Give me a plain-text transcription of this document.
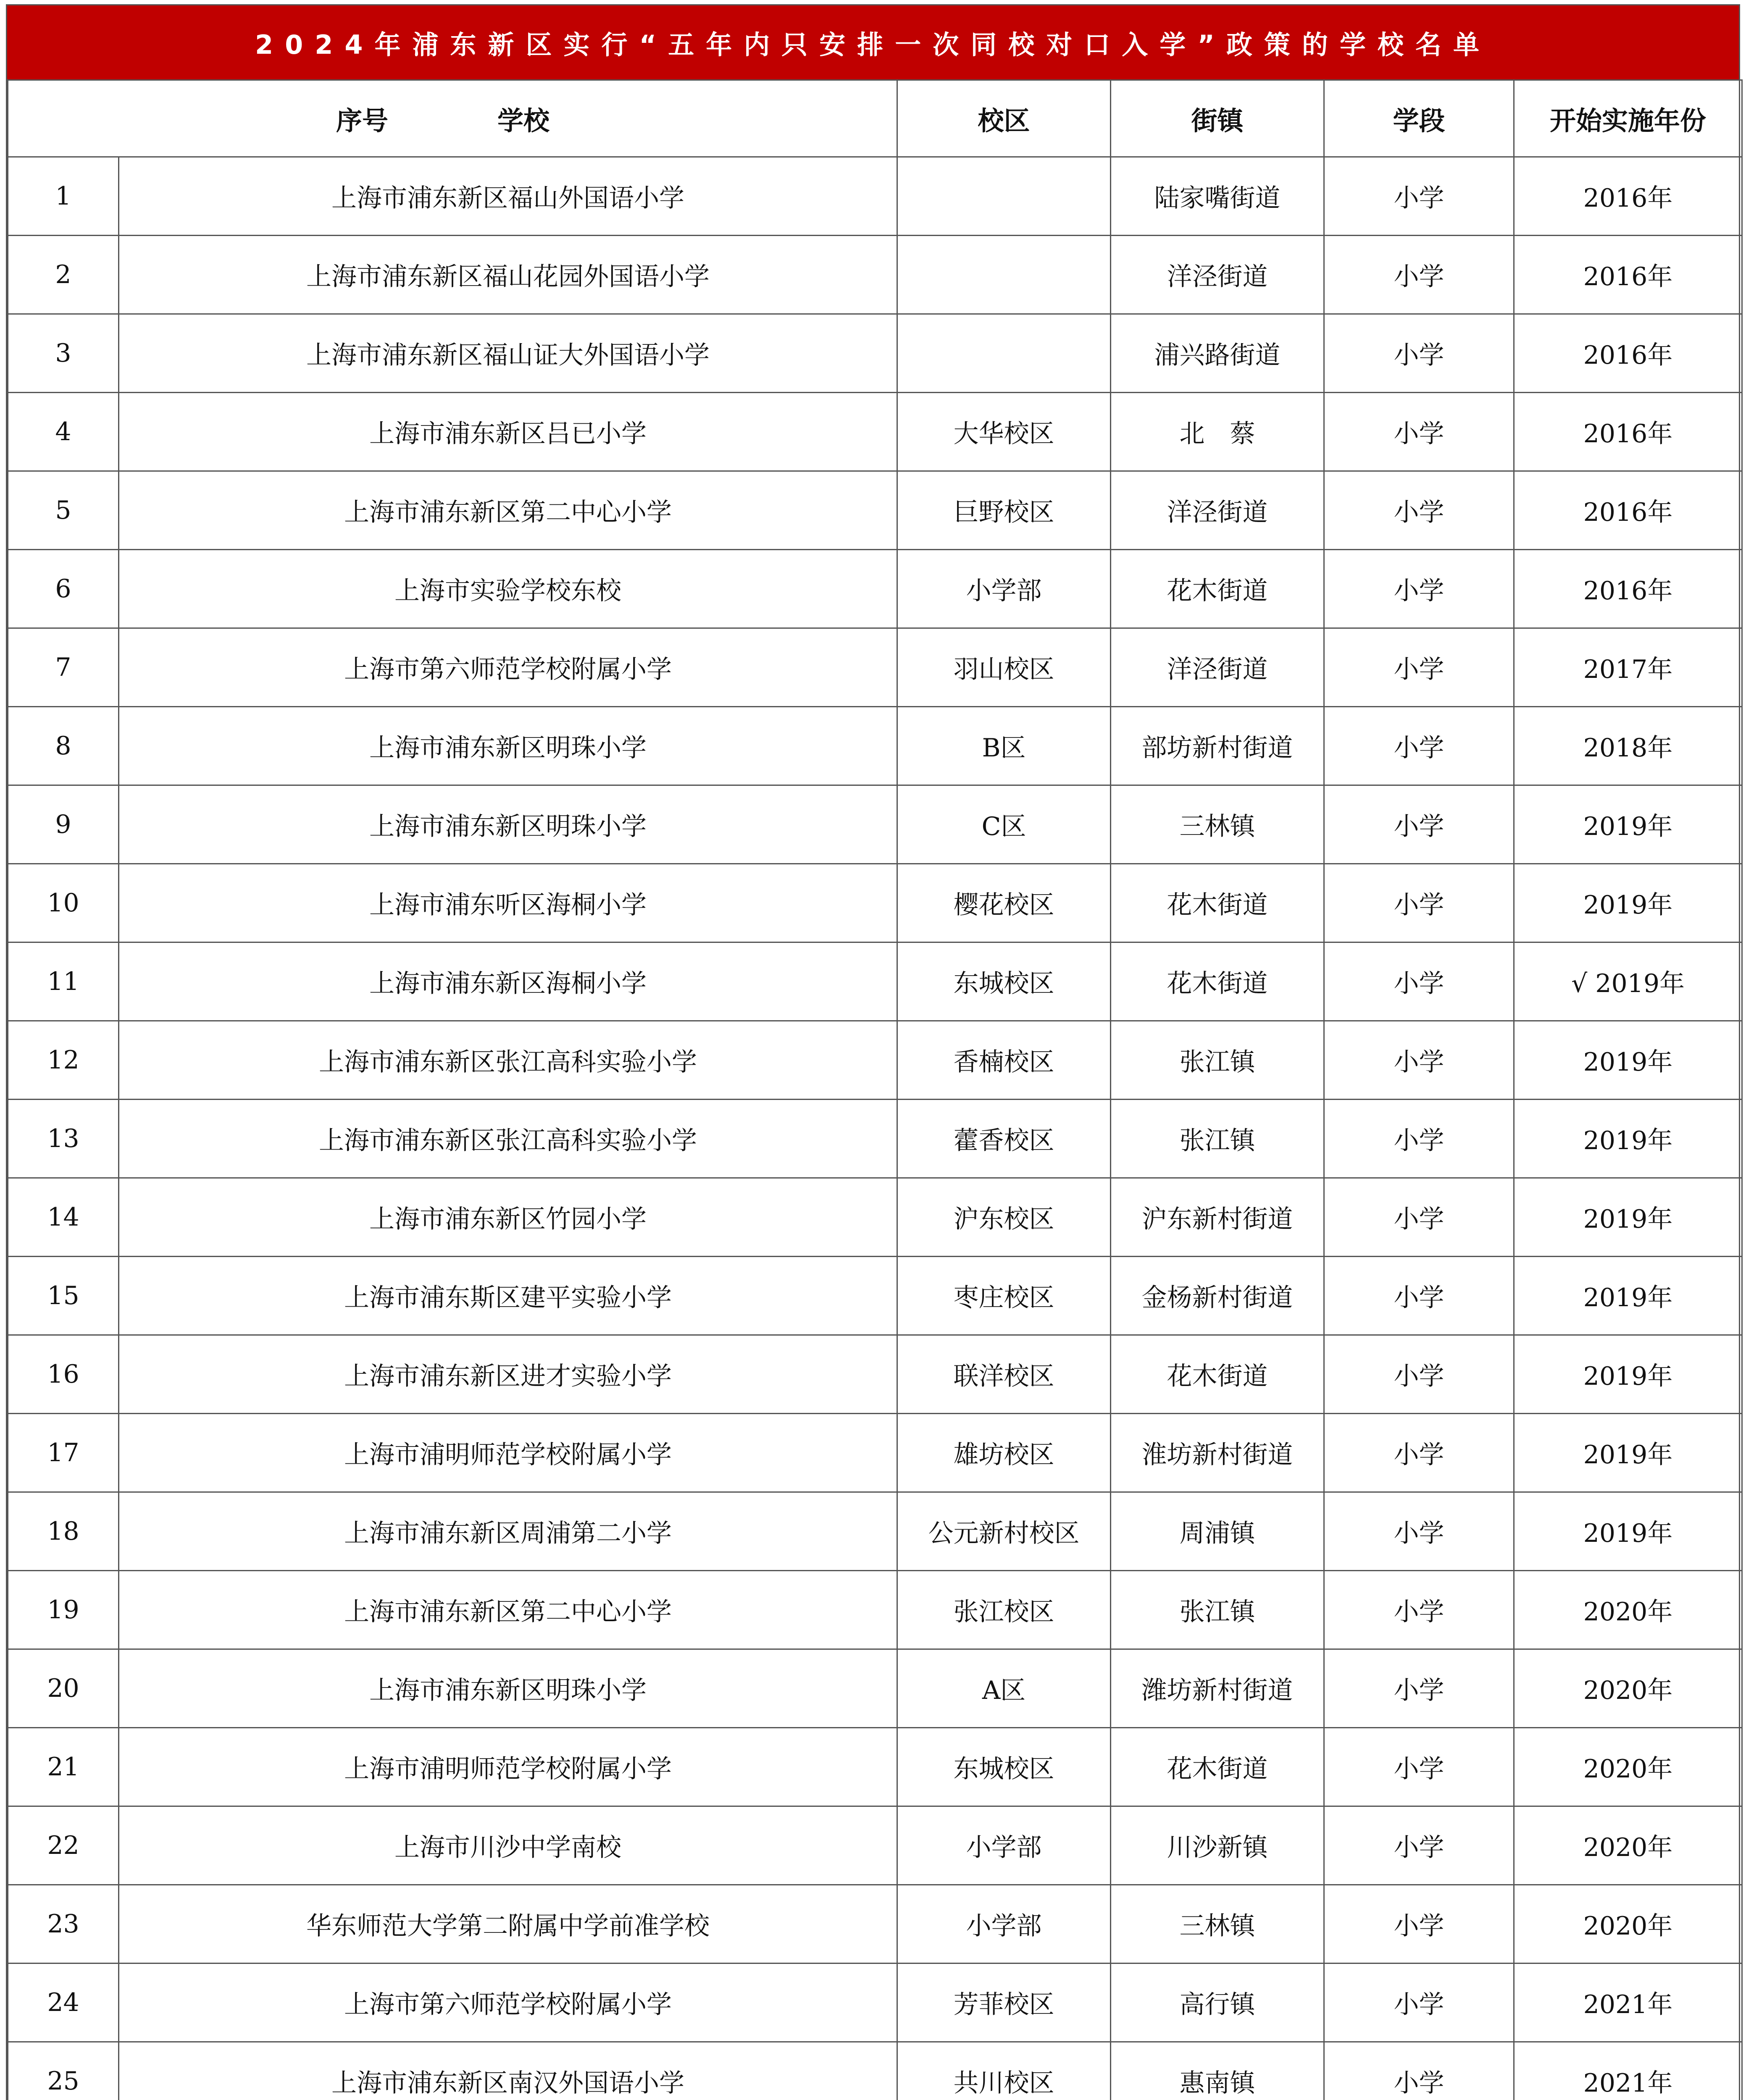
2024年浦东新区实行“五年内只安排一次同校对口入学”政策的学校名单
序号 学校		校区	街镇	学段	开始实施年份
1	上海市浦东新区福山外国语小学		陆家嘴街道	小学	2016年
2	上海市浦东新区福山花园外国语小学		洋泾街道	小学	2016年
3	上海市浦东新区福山证大外国语小学		浦兴路街道	小学	2016年
4	上海市浦东新区吕已小学	大华校区	北　蔡	小学	2016年
5	上海市浦东新区第二中心小学	巨野校区	洋泾街道	小学	2016年
6	上海市实验学校东校	小学部	花木街道	小学	2016年
7	上海市第六师范学校附属小学	羽山校区	洋泾街道	小学	2017年
8	上海市浦东新区明珠小学	B区	部坊新村街道	小学	2018年
9	上海市浦东新区明珠小学	C区	三林镇	小学	2019年
10	上海市浦东听区海桐小学	樱花校区	花木街道	小学	2019年
11	上海市浦东新区海桐小学	东城校区	花木街道	小学	√ 2019年
12	上海市浦东新区张江高科实验小学	香楠校区	张江镇	小学	2019年
13	上海市浦东新区张江高科实验小学	藿香校区	张江镇	小学	2019年
14	上海市浦东新区竹园小学	沪东校区	沪东新村街道	小学	2019年
15	上海市浦东斯区建平实验小学	枣庄校区	金杨新村街道	小学	2019年
16	上海市浦东新区进才实验小学	联洋校区	花木街道	小学	2019年
17	上海市浦明师范学校附属小学	雄坊校区	淮坊新村街道	小学	2019年
18	上海市浦东新区周浦第二小学	公元新村校区	周浦镇	小学	2019年
19	上海市浦东新区第二中心小学	张江校区	张江镇	小学	2020年
20	上海市浦东新区明珠小学	A区	潍坊新村街道	小学	2020年
21	上海市浦明师范学校附属小学	东城校区	花木街道	小学	2020年
22	上海市川沙中学南校	小学部	川沙新镇	小学	2020年
23	华东师范大学第二附属中学前准学校	小学部	三林镇	小学	2020年
24	上海市第六师范学校附属小学	芳菲校区	高行镇	小学	2021年
25	上海市浦东新区南汉外国语小学	共川校区	惠南镇	小学	2021年
